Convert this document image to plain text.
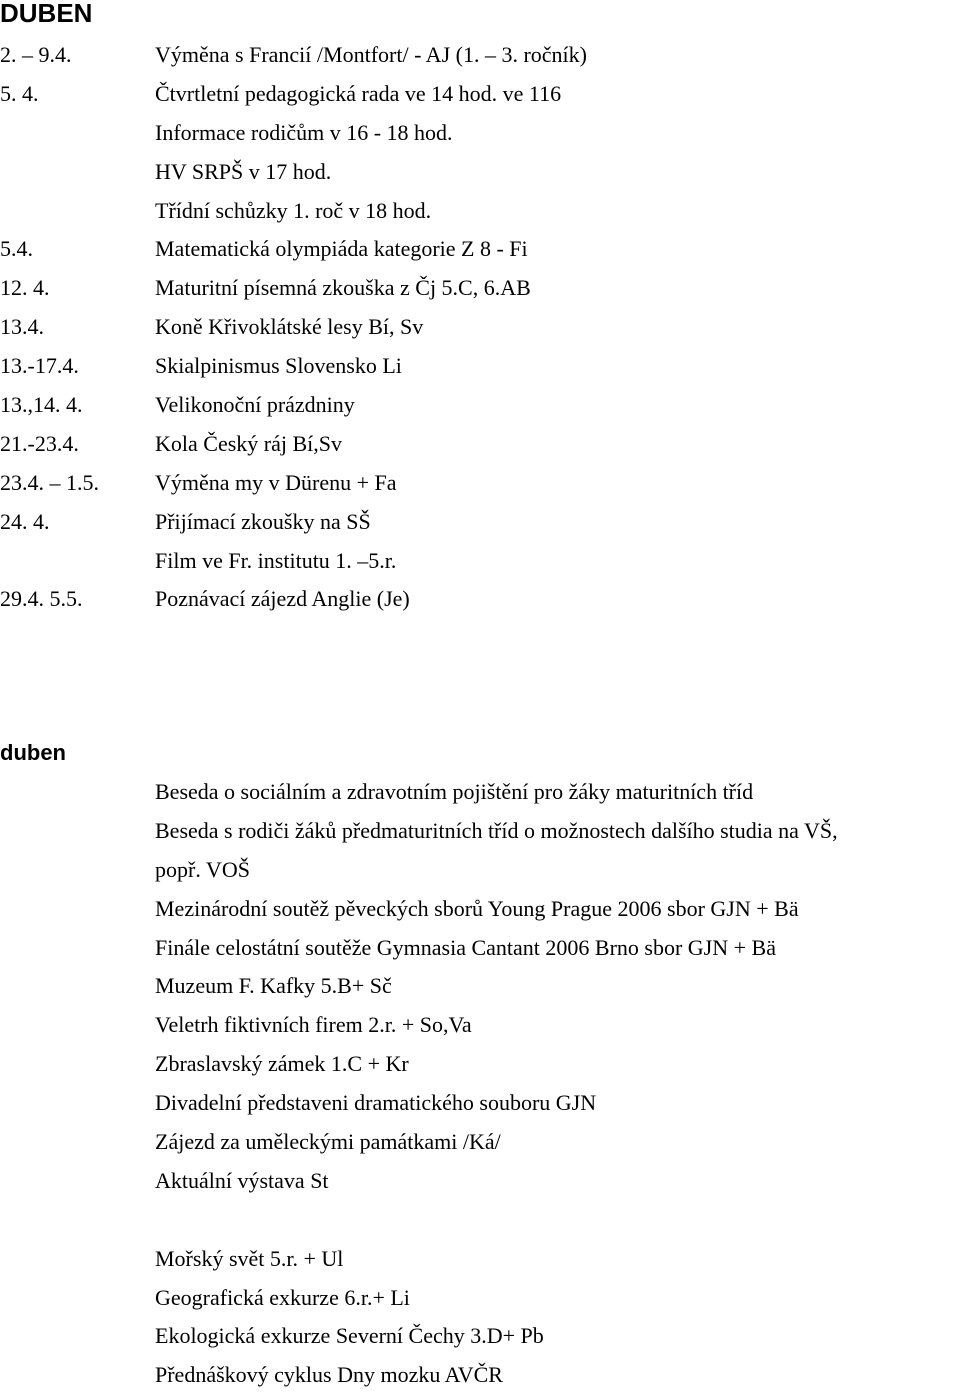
DUBEN
2. – 9.4.	Výměna s Francií /Montfort/ - AJ (1. – 3. ročník)
5. 4.	Čtvrtletní pedagogická rada ve 14 hod. ve 116
Informace rodičům v 16 - 18 hod.
HV SRPŠ v 17 hod.
Třídní schůzky 1. roč v 18 hod.
5.4.	Matematická olympiáda kategorie Z 8 - Fi
12. 4.	Maturitní písemná zkouška z Čj 5.C, 6.AB
13.4.	Koně Křivoklátské lesy Bí, Sv
13.-17.4.	Skialpinismus Slovensko Li
13.,14. 4.	Velikonoční prázdniny
21.-23.4.	Kola Český ráj Bí,Sv
23.4. – 1.5.	Výměna my v Dürenu + Fa
24. 4.	Přijímací zkoušky na SŠ
Film ve Fr. institutu 1. –5.r.
29.4. 5.5.	Poznávací zájezd Anglie (Je)
duben
Beseda o sociálním a zdravotním pojištění pro žáky maturitních tříd
Beseda s rodiči žáků předmaturitních tříd o možnostech dalšího studia na VŠ,
popř. VOŠ
Mezinárodní soutěž pěveckých sborů Young Prague 2006 sbor GJN + Bä
Finále celostátní soutěže Gymnasia Cantant 2006 Brno sbor GJN + Bä
Muzeum F. Kafky 5.B+ Sč
Veletrh fiktivních firem 2.r. + So,Va
Zbraslavský zámek 1.C + Kr
Divadelní představeni dramatického souboru GJN
Zájezd za uměleckými památkami /Ká/
Aktuální výstava St
Mořský svět 5.r. + Ul
Geografická exkurze 6.r.+ Li
Ekologická exkurze Severní Čechy 3.D+ Pb
Přednáškový cyklus Dny mozku AVČR
